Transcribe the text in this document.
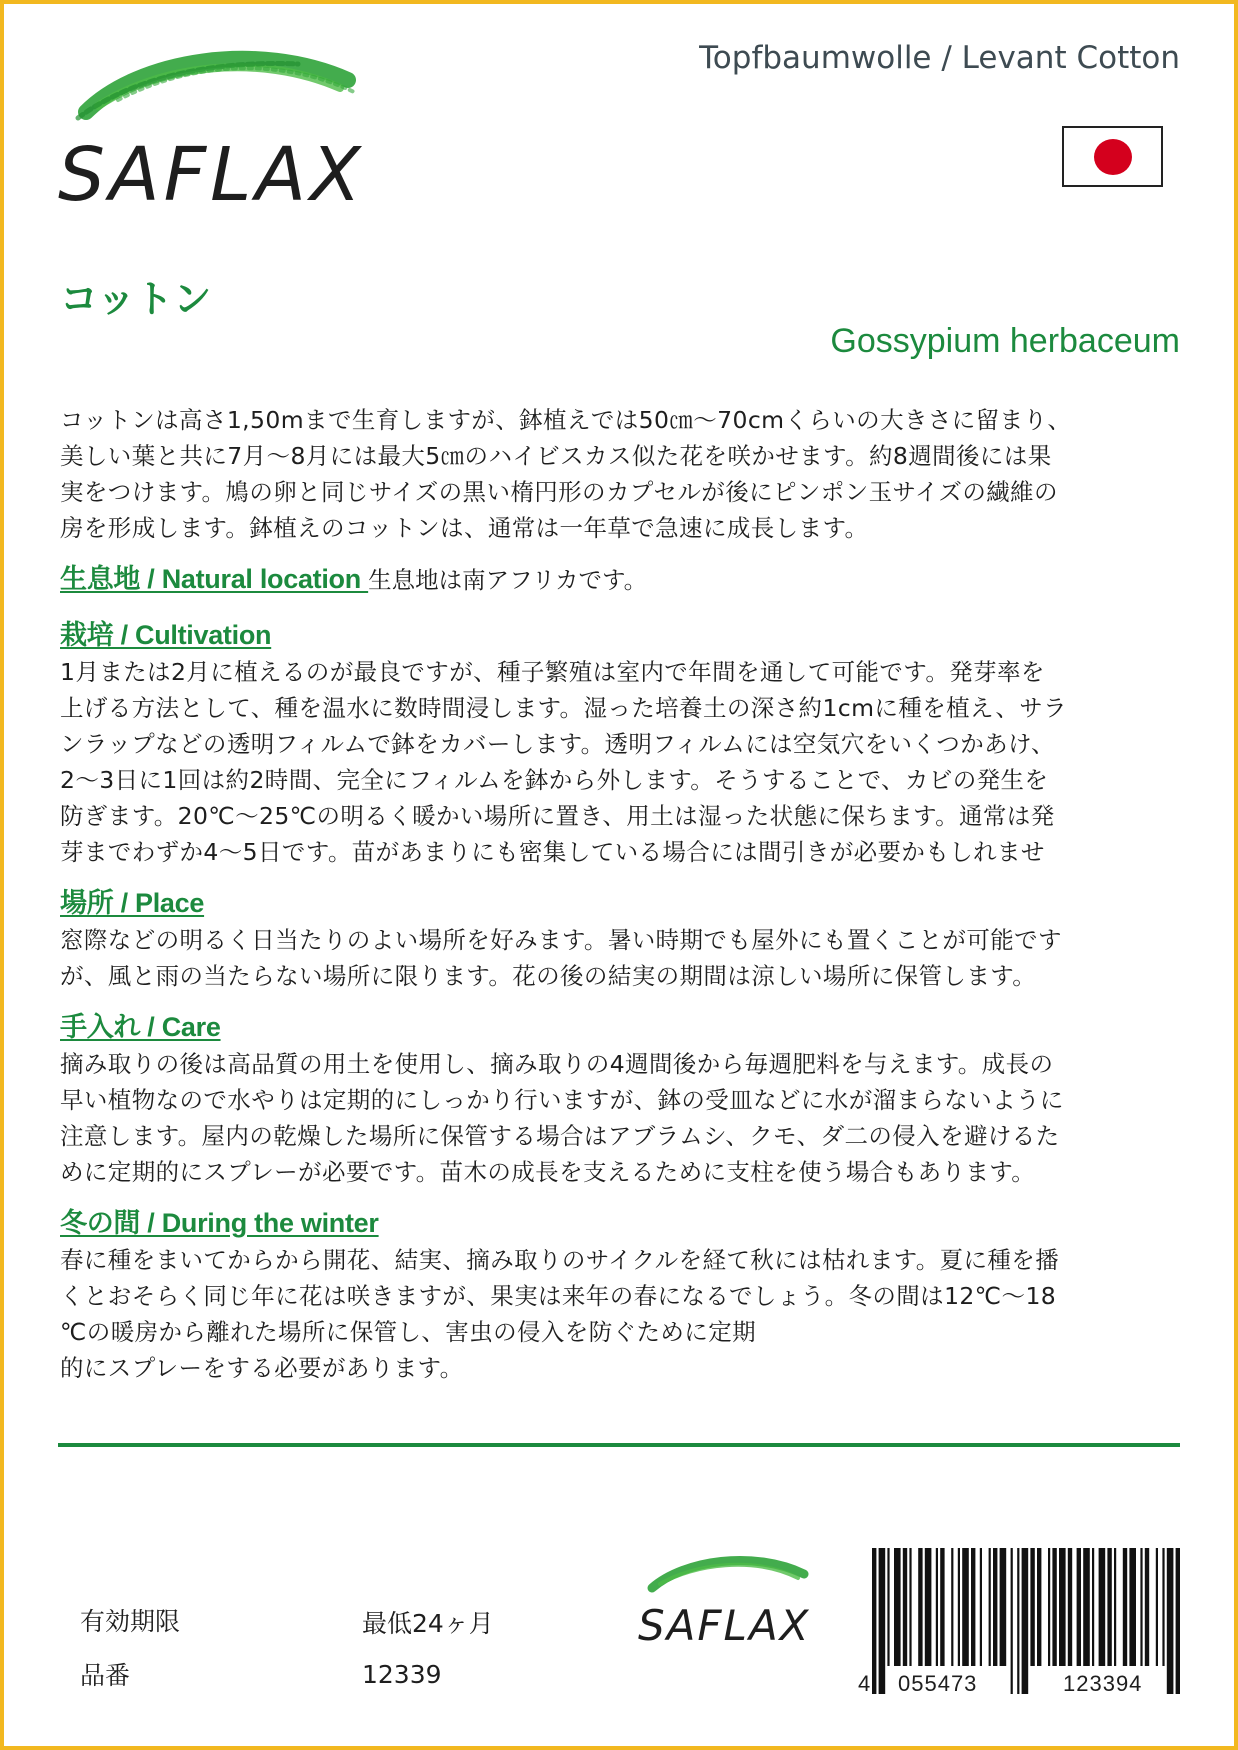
SAFLAX
Topfbaumwolle / Levant Cotton
コットン
Gossypium herbaceum

コットンは高さ1,50mまで生育しますが、鉢植えでは50㎝〜70cmくらいの大きさに留まり、
美しい葉と共に7月～8月には最大5㎝のハイビスカス似た花を咲かせます。約8週間後には果
実をつけます。鳩の卵と同じサイズの黒い楕円形のカプセルが後にピンポン玉サイズの繊維の
房を形成します。鉢植えのコットンは、通常は一年草で急速に成長します。

生息地 / Natural location 生息地は南アフリカです。
栽培 / Cultivation

1月または2月に植えるのが最良ですが、種子繁殖は室内で年間を通して可能です。発芽率を
上げる方法として、種を温水に数時間浸します。湿った培養土の深さ約1cmに種を植え、サラ
ンラップなどの透明フィルムで鉢をカバーします。透明フィルムには空気穴をいくつかあけ、
2～3日に1回は約2時間、完全にフィルムを鉢から外します。そうすることで、カビの発生を
防ぎます。20℃〜25℃の明るく暖かい場所に置き、用土は湿った状態に保ちます。通常は発
芽までわずか4〜5日です。苗があまりにも密集している場合には間引きが必要かもしれませ

場所 / Place

窓際などの明るく日当たりのよい場所を好みます。暑い時期でも屋外にも置くことが可能です
が、風と雨の当たらない場所に限ります。花の後の結実の期間は涼しい場所に保管します。

手入れ / Care

摘み取りの後は高品質の用土を使用し、摘み取りの4週間後から毎週肥料を与えます。成長の
早い植物なので水やりは定期的にしっかり行いますが、鉢の受皿などに水が溜まらないように
注意します。屋内の乾燥した場所に保管する場合はアブラムシ、クモ、ダ二の侵入を避けるた
めに定期的にスプレーが必要です。苗木の成長を支えるために支柱を使う場合もあります。

冬の間 / During the winter

春に種をまいてからから開花、結実、摘み取りのサイクルを経て秋には枯れます。夏に種を播
くとおそらく同じ年に花は咲きますが、果実は来年の春になるでしょう。冬の間は12℃～18
℃の暖房から離れた場所に保管し、害虫の侵入を防ぐために定期
的にスプレーをする必要があります。

有効期限	最低24ヶ月
品番	12339
SAFLAX
4 055473	123394
